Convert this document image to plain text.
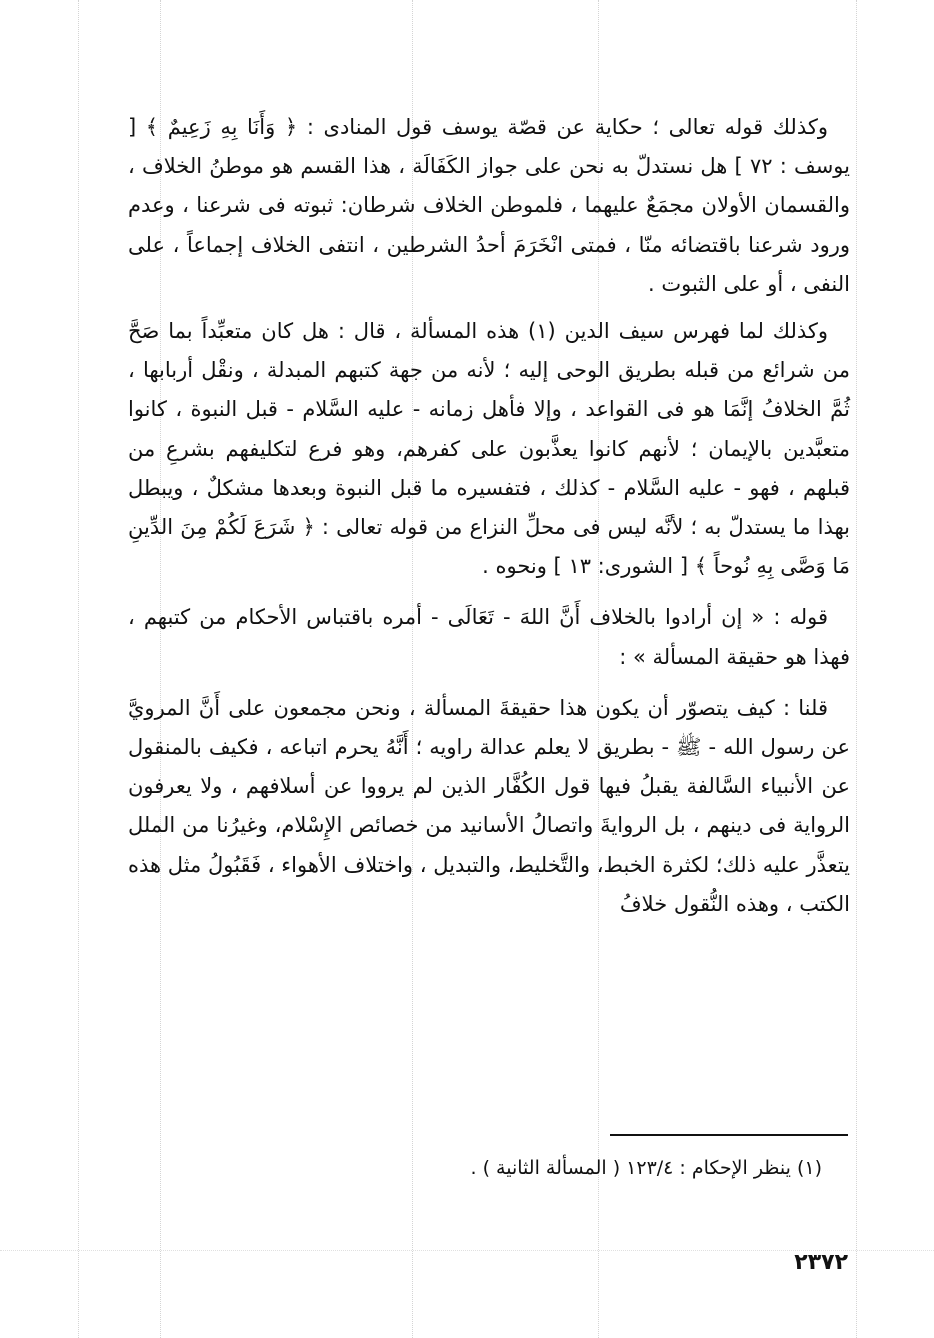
وكذلك قوله تعالى ؛ حكاية عن قصّة يوسف قول المنادى : ﴿ وَأَنَا بِهِ زَعِيمٌ ﴾ [ يوسف : ٧٢ ] هل نستدلّ به نحن على جواز الكَفَالَة ، هذا القسم هو موطنُ الخلاف ، والقسمان الأولان مجمَعٌ عليهما ، فلموطن الخلاف شرطان: ثبوته فى شرعنا ، وعدم ورود شرعنا باقتضائه منّا ، فمتى انْخَرَمَ أحدُ الشرطين ، انتفى الخلاف إجماعاً ، على النفى ، أو على الثبوت .

وكذلك لما فهرس سيف الدين (١) هذه المسألة ، قال : هل كان متعبِّداً بما صَحَّ من شرائع من قبله بطريق الوحى إليه ؛ لأنه من جهة كتبهم المبدلة ، ونقْل أربابها ، ثُمَّ الخلافُ إنَّمَا هو فى القواعد ، وإلا فأهل زمانه - عليه السَّلام - قبل النبوة ، كانوا متعبَّدين بالإيمان ؛ لأنهم كانوا يعذَّبون على كفرهم، وهو فرع لتكليفهم بشرعِ من قبلهم ، فهو - عليه السَّلام - كذلك ، فتفسيره ما قبل النبوة وبعدها مشكلٌ ، ويبطل بهذا ما يستدلّ به ؛ لأنَّه ليس فى محلِّ النزاع من قوله تعالى : ﴿ شَرَعَ لَكُمْ مِنَ الدِّينِ مَا وَصَّى بِهِ نُوحاً ﴾ [ الشورى: ١٣ ] ونحوه .

قوله : « إن أرادوا بالخلاف أَنَّ اللهَ - تَعَالَى - أمره باقتباس الأحكام من كتبهم ، فهذا هو حقيقة المسألة » :

قلنا : كيف يتصوّر أن يكون هذا حقيقةَ المسألة ، ونحن مجمعون على أَنَّ المرويَّ عن رسول الله - ﷺ - بطريق لا يعلم عدالة راويه ؛ أَنَّهُ يحرم اتباعه ، فكيف بالمنقول عن الأنبياء السَّالفة يقبلُ فيها قول الكُفَّار الذين لم يرووا عن أسلافهم ، ولا يعرفون الرواية فى دينهم ، بل الروايةَ واتصالُ الأسانيد من خصائص الإِسْلام، وغيرُنا من الملل يتعذَّر عليه ذلك؛ لكثرة الخبط، والتَّخليط، والتبديل ، واختلاف الأهواء ، فَقَبُولُ مثل هذه الكتب ، وهذه النُّقول خلافُ

(١) ينظر الإحكام : ١٢٣/٤ ( المسألة الثانية ) .
٢٣٧٢
